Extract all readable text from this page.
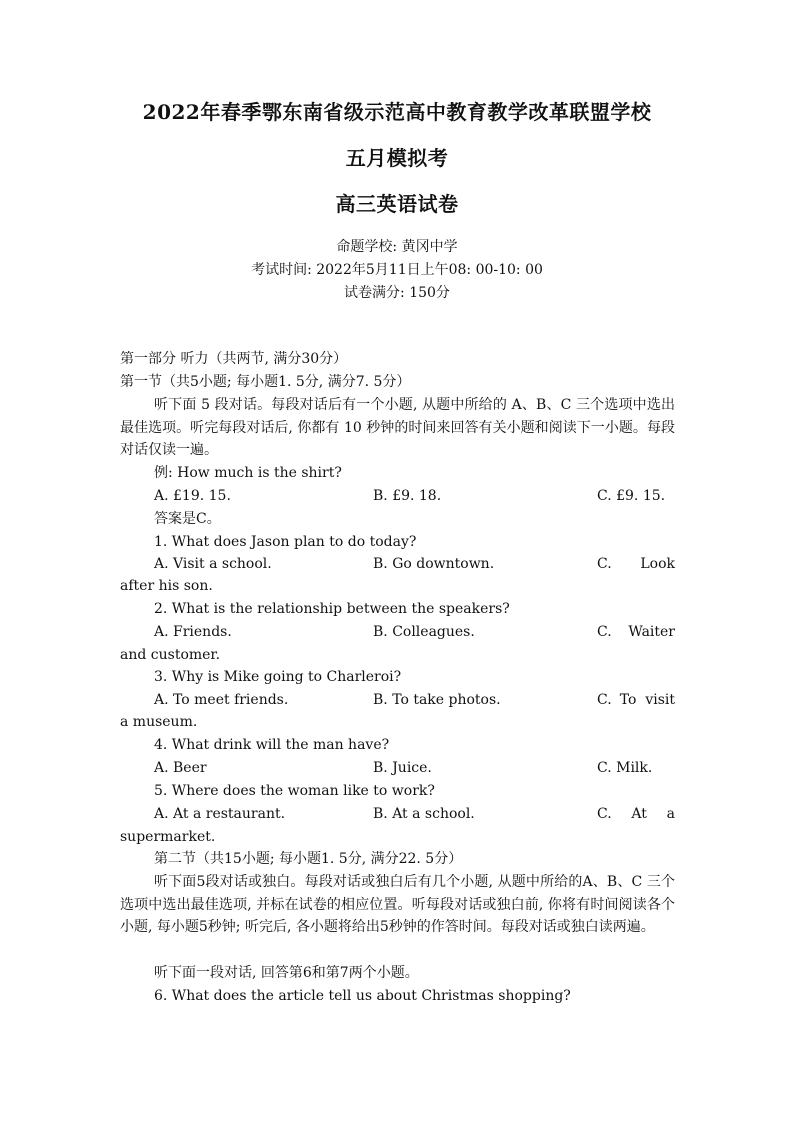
2022年春季鄂东南省级示范高中教育教学改革联盟学校
五月模拟考
高三英语试卷
命题学校: 黄冈中学
考试时间: 2022年5月11日上午08: 00-10: 00
试卷满分: 150分
第一部分 听力（共两节, 满分30分）
第一节（共5小题; 每小题1. 5分, 满分7. 5分）
听下面 5 段对话。每段对话后有一个小题, 从题中所给的 A、B、C 三个选项中选出最佳选项。听完每段对话后, 你都有 10 秒钟的时间来回答有关小题和阅读下一小题。每段对话仅读一遍。
例: How much is the shirt?
A. £19. 15.	B. £9. 18.	C. £9. 15.
答案是C。
1. What does Jason plan to do today?
A. Visit a school.	B. Go downtown.	C. Look
after his son.
2. What is the relationship between the speakers?
A. Friends.	B. Colleagues.	C. Waiter
and customer.
3. Why is Mike going to Charleroi?
A. To meet friends.	B. To take photos.	C. To  visit
a museum.
4. What drink will the man have?
A. Beer	B. Juice.	C. Milk.
5. Where does the woman like to work?
A. At a restaurant.	B. At a school.	C. At a
supermarket.
第二节（共15小题; 每小题1. 5分, 满分22. 5分）
听下面5段对话或独白。每段对话或独白后有几个小题, 从题中所给的A、B、C 三个选项中选出最佳选项, 并标在试卷的相应位置。听每段对话或独白前, 你将有时间阅读各个小题, 每小题5秒钟; 听完后, 各小题将给出5秒钟的作答时间。每段对话或独白读两遍。
听下面一段对话, 回答第6和第7两个小题。
6. What does the article tell us about Christmas shopping?
